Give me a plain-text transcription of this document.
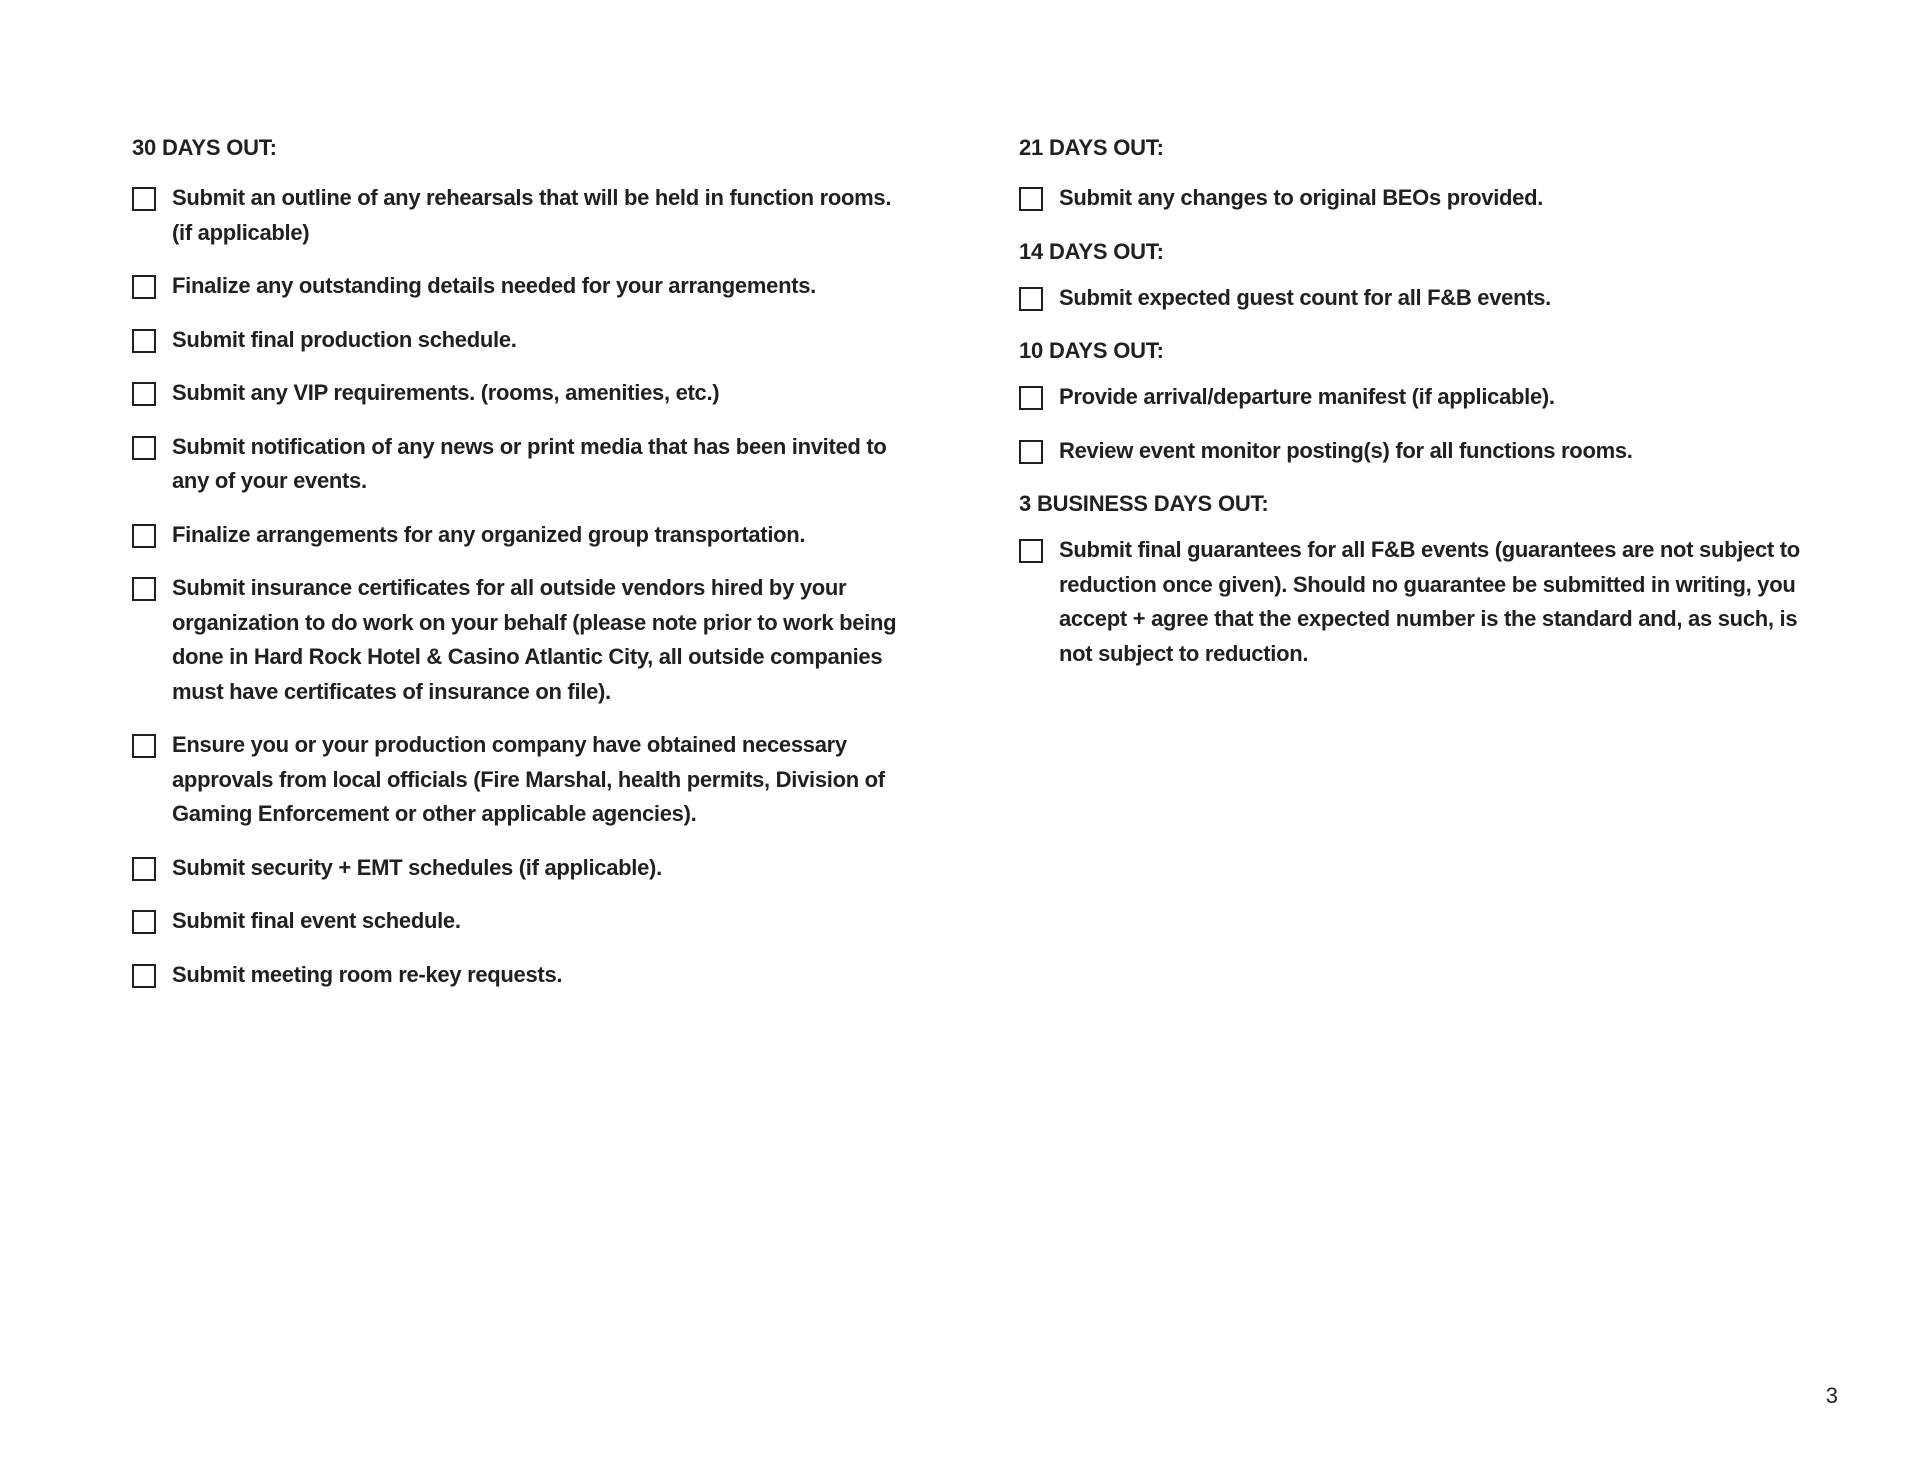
30 DAYS OUT:
Submit an outline of any rehearsals that will be held in function rooms. (if applicable)
Finalize any outstanding details needed for your arrangements.
Submit final production schedule.
Submit any VIP requirements. (rooms, amenities, etc.)
Submit notification of any news or print media that has been invited to any of your events.
Finalize arrangements for any organized group transportation.
Submit insurance certificates for all outside vendors hired by your organization to do work on your behalf (please note prior to work being done in Hard Rock Hotel & Casino Atlantic City, all outside companies must have certificates of insurance on file).
Ensure you or your production company have obtained necessary approvals from local officials (Fire Marshal, health permits, Division of Gaming Enforcement or other applicable agencies).
Submit security + EMT schedules (if applicable).
Submit final event schedule.
Submit meeting room re-key requests.
21 DAYS OUT:
Submit any changes to original BEOs provided.
14 DAYS OUT:
Submit expected guest count for all F&B events.
10 DAYS OUT:
Provide arrival/departure manifest (if applicable).
Review event monitor posting(s) for all functions rooms.
3 BUSINESS DAYS OUT:
Submit final guarantees for all F&B events (guarantees are not subject to reduction once given). Should no guarantee be submitted in writing, you accept + agree that the expected number is the standard and, as such, is not subject to reduction.
3
